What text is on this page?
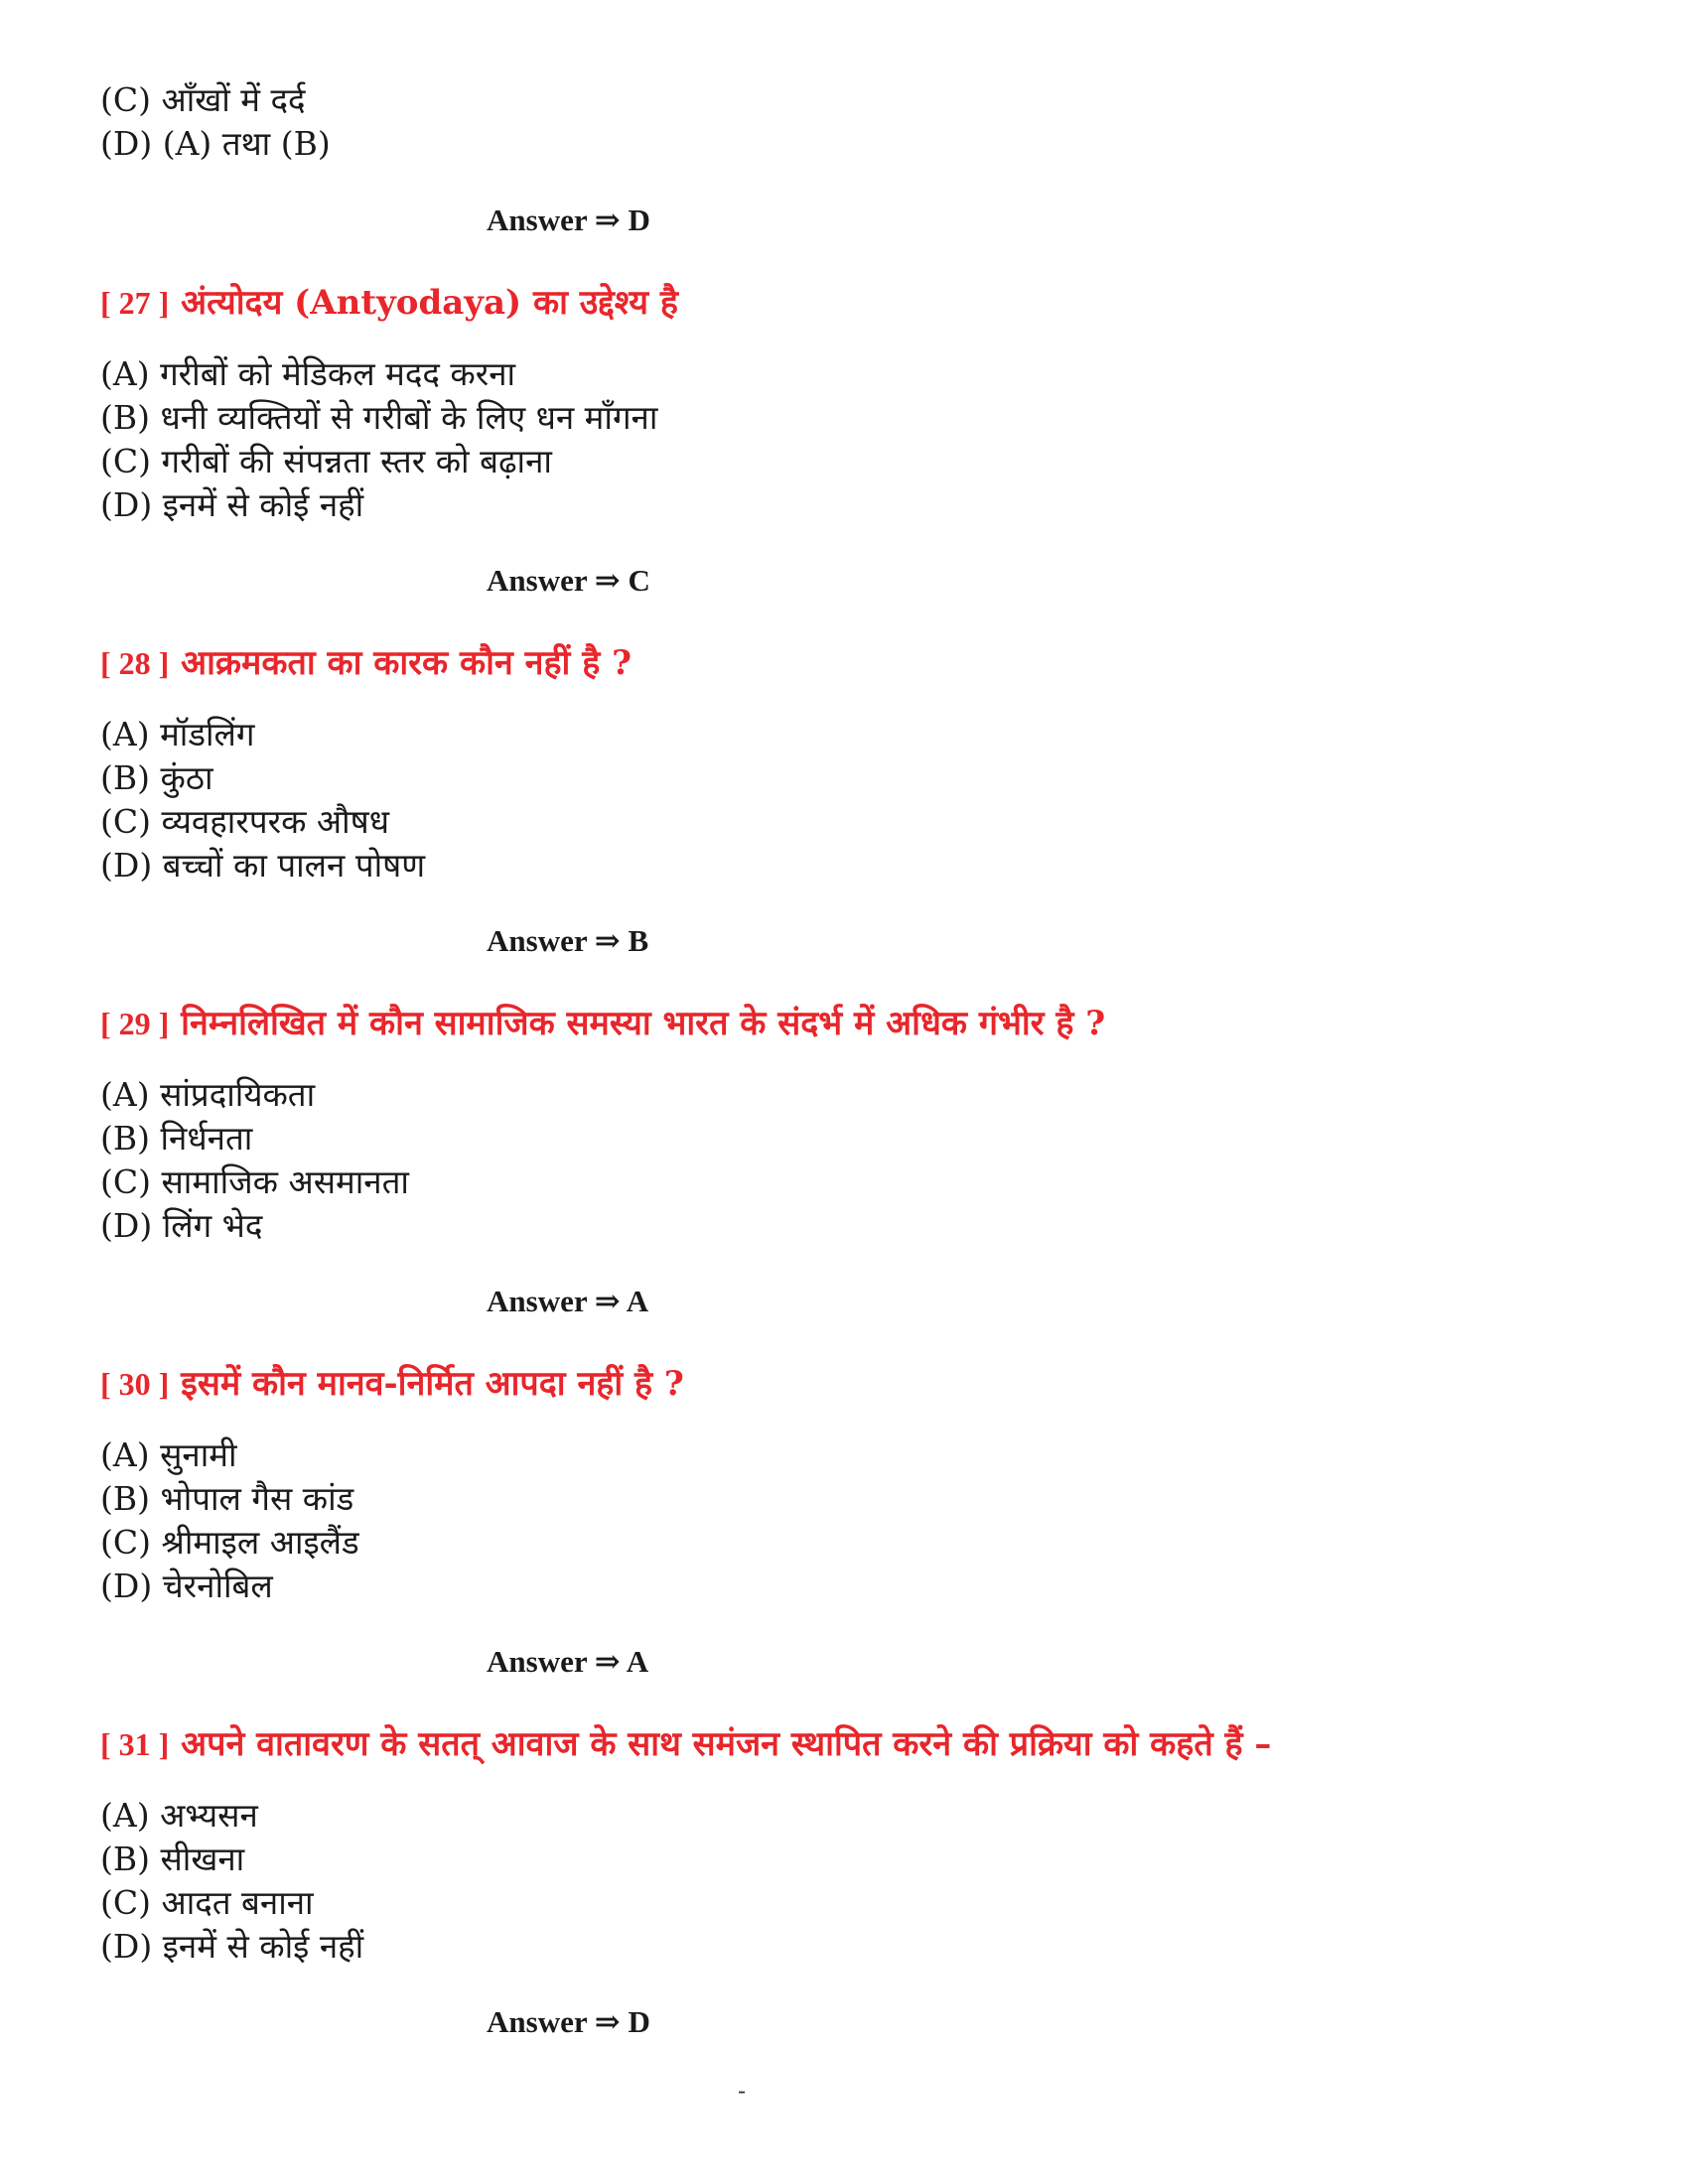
(C) आँखों में दर्द
(D) (A) तथा (B)
Answer ⇒ D
[ 27 ] अंत्योदय (Antyodaya) का उद्देश्य है
(A) गरीबों को मेडिकल मदद करना
(B) धनी व्यक्तियों से गरीबों के लिए धन माँगना
(C) गरीबों की संपन्नता स्तर को बढ़ाना
(D) इनमें से कोई नहीं
Answer ⇒ C
[ 28 ] आक्रमकता का कारक कौन नहीं है ?
(A) मॉडलिंग
(B) कुंठा
(C) व्यवहारपरक औषध
(D) बच्चों का पालन पोषण
Answer ⇒ B
[ 29 ] निम्नलिखित में कौन सामाजिक समस्या भारत के संदर्भ में अधिक गंभीर है ?
(A) सांप्रदायिकता
(B) निर्धनता
(C) सामाजिक असमानता
(D) लिंग भेद
Answer ⇒ A
[ 30 ] इसमें कौन मानव-निर्मित आपदा नहीं है ?
(A) सुनामी
(B) भोपाल गैस कांड
(C) श्रीमाइल आइलैंड
(D) चेरनोबिल
Answer ⇒ A
[ 31 ] अपने वातावरण के सतत् आवाज के साथ समंजन स्थापित करने की प्रक्रिया को कहते हैं –
(A) अभ्यसन
(B) सीखना
(C) आदत बनाना
(D) इनमें से कोई नहीं
Answer ⇒ D
-
